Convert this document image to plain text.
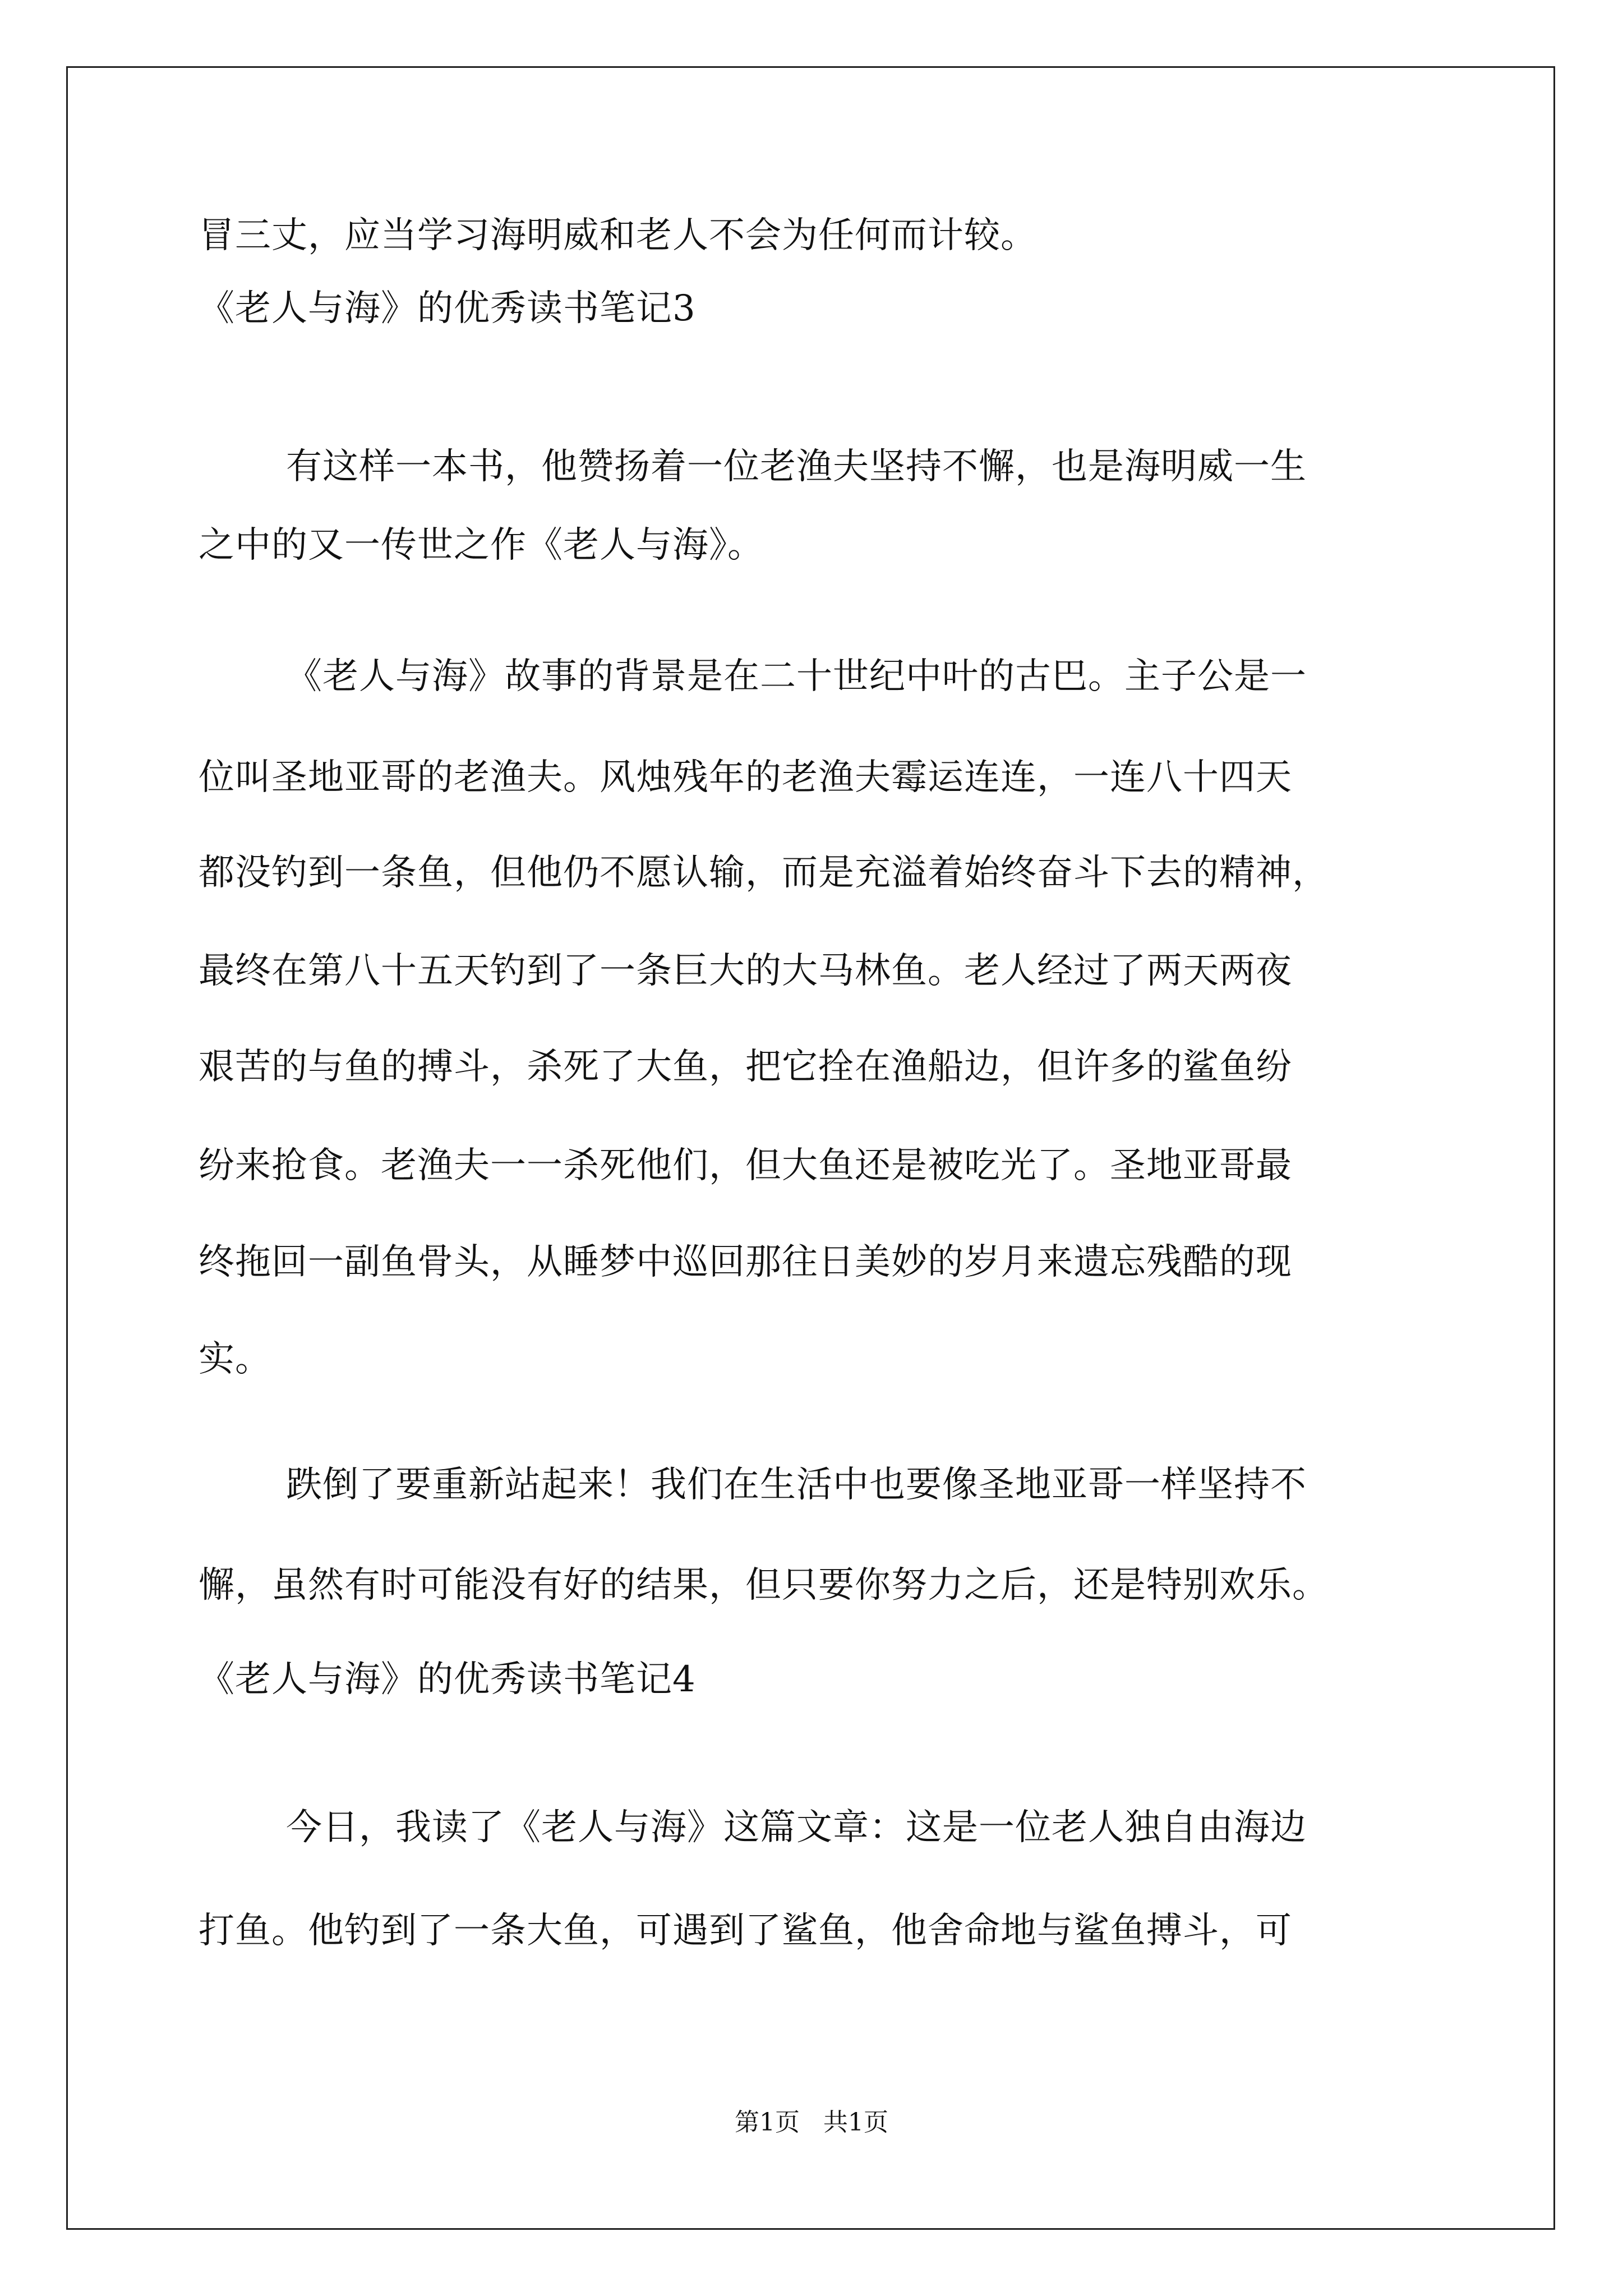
冒三丈，应当学习海明威和老人不会为任何而计较。
《老人与海》的优秀读书笔记3
有这样一本书，他赞扬着一位老渔夫坚持不懈，也是海明威一生
之中的又一传世之作《老人与海》。
《老人与海》故事的背景是在二十世纪中叶的古巴。主子公是一
位叫圣地亚哥的老渔夫。风烛残年的老渔夫霉运连连，一连八十四天
都没钓到一条鱼，但他仍不愿认输，而是充溢着始终奋斗下去的精神，
最终在第八十五天钓到了一条巨大的大马林鱼。老人经过了两天两夜
艰苦的与鱼的搏斗，杀死了大鱼，把它拴在渔船边，但许多的鲨鱼纷
纷来抢食。老渔夫一一杀死他们，但大鱼还是被吃光了。圣地亚哥最
终拖回一副鱼骨头，从睡梦中巡回那往日美妙的岁月来遗忘残酷的现
实。
跌倒了要重新站起来！我们在生活中也要像圣地亚哥一样坚持不
懈，虽然有时可能没有好的结果，但只要你努力之后，还是特别欢乐。
《老人与海》的优秀读书笔记4
今日，我读了《老人与海》这篇文章：这是一位老人独自由海边
打鱼。他钓到了一条大鱼，可遇到了鲨鱼，他舍命地与鲨鱼搏斗，可
第1页   共1页
